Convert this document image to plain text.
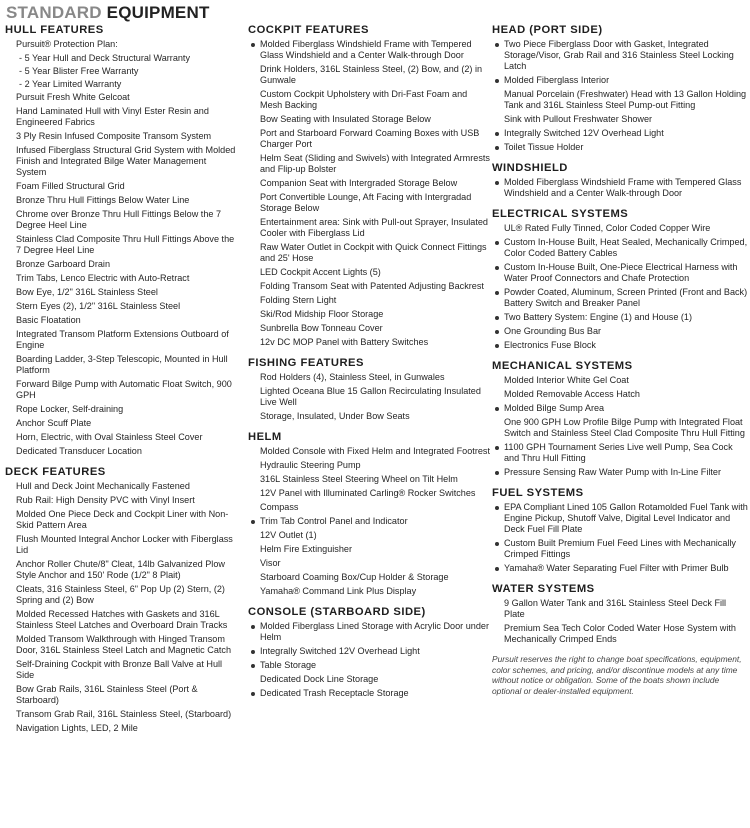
STANDARD EQUIPMENT
HULL FEATURES
Pursuit® Protection Plan:
- 5 Year Hull and Deck Structural Warranty
- 5 Year Blister Free Warranty
- 2 Year Limited Warranty
Pursuit Fresh White Gelcoat
Hand Laminated Hull with Vinyl Ester Resin and Engineered Fabrics
3 Ply Resin Infused Composite Transom System
Infused Fiberglass Structural Grid System with Molded Finish and Integrated Bilge Water Management System
Foam Filled Structural Grid
Bronze Thru Hull Fittings Below Water Line
Chrome over Bronze Thru Hull Fittings Below the 7 Degree Heel Line
Stainless Clad Composite Thru Hull Fittings Above the 7 Degree Heel Line
Bronze Garboard Drain
Trim Tabs, Lenco Electric with Auto-Retract
Bow Eye, 1/2" 316L Stainless Steel
Stern Eyes (2), 1/2" 316L Stainless Steel
Basic Floatation
Integrated Transom Platform Extensions Outboard of Engine
Boarding Ladder, 3-Step Telescopic, Mounted in Hull Platform
Forward Bilge Pump with Automatic Float Switch, 900 GPH
Rope Locker, Self-draining
Anchor Scuff Plate
Horn, Electric, with Oval Stainless Steel Cover
Dedicated Transducer Location
DECK FEATURES
Hull and Deck Joint Mechanically Fastened
Rub Rail: High Density PVC with Vinyl Insert
Molded One Piece Deck and Cockpit Liner with Non-Skid Pattern Area
Flush Mounted Integral Anchor Locker with Fiberglass Lid
Anchor Roller Chute/8" Cleat, 14lb Galvanized Plow Style Anchor and 150' Rode (1/2" 8 Plait)
Cleats, 316 Stainless Steel, 6" Pop Up (2) Stern, (2) Spring and (2) Bow
Molded Recessed Hatches with Gaskets and 316L Stainless Steel Latches and Overboard Drain Tracks
Molded Transom Walkthrough with Hinged Transom Door, 316L Stainless Steel Latch and Magnetic Catch
Self-Draining Cockpit with Bronze Ball Valve at Hull Side
Bow Grab Rails, 316L Stainless Steel (Port & Starboard)
Transom Grab Rail, 316L Stainless Steel, (Starboard)
Navigation Lights, LED, 2 Mile
COCKPIT FEATURES
Molded Fiberglass Windshield Frame with Tempered Glass Windshield and a Center Walk-through Door
Drink Holders, 316L Stainless Steel, (2) Bow, and (2) in Gunwale
Custom Cockpit Upholstery with Dri-Fast Foam and Mesh Backing
Bow Seating with Insulated Storage Below
Port and Starboard Forward Coaming Boxes with USB Charger Port
Helm Seat (Sliding and Swivels) with Integrated Armrests and Flip-up Bolster
Companion Seat with Intergraded Storage Below
Port Convertible Lounge, Aft Facing with Intergradad Storage Below
Entertainment area: Sink with Pull-out Sprayer, Insulated Cooler with Fiberglass Lid
Raw Water Outlet in Cockpit with Quick Connect Fittings and 25' Hose
LED Cockpit Accent Lights (5)
Folding Transom Seat with Patented Adjusting Backrest
Folding Stern Light
Ski/Rod Midship Floor Storage
Sunbrella Bow Tonneau Cover
12v DC MOP Panel with Battery Switches
FISHING FEATURES
Rod Holders (4), Stainless Steel, in Gunwales
Lighted Oceana Blue 15 Gallon Recirculating Insulated Live Well
Storage, Insulated, Under Bow Seats
HELM
Molded Console with Fixed Helm and Integrated Footrest
Hydraulic Steering Pump
316L Stainless Steel Steering Wheel on Tilt Helm
12V Panel with Illuminated Carling® Rocker Switches
Compass
Trim Tab Control Panel and Indicator
12V Outlet (1)
Helm Fire Extinguisher
Visor
Starboard Coaming Box/Cup Holder & Storage
Yamaha® Command Link Plus Display
CONSOLE (STARBOARD SIDE)
Molded Fiberglass Lined Storage with Acrylic Door under Helm
Integrally Switched 12V Overhead Light
Table Storage
Dedicated Dock Line Storage
Dedicated Trash Receptacle Storage
HEAD (PORT SIDE)
Two Piece Fiberglass Door with Gasket, Integrated Storage/Visor, Grab Rail and 316 Stainless Steel Locking Latch
Molded Fiberglass Interior
Manual Porcelain (Freshwater) Head with 13 Gallon Holding Tank and 316L Stainless Steel Pump-out Fitting
Sink with Pullout Freshwater Shower
Integrally Switched 12V Overhead Light
Toilet Tissue Holder
WINDSHIELD
Molded Fiberglass Windshield Frame with Tempered Glass Windshield and a Center Walk-through Door
ELECTRICAL SYSTEMS
UL® Rated Fully Tinned, Color Coded Copper Wire
Custom In-House Built, Heat Sealed, Mechanically Crimped, Color Coded Battery Cables
Custom In-House Built, One-Piece Electrical Harness with Water Proof Connectors and Chafe Protection
Powder Coated, Aluminum, Screen Printed (Front and Back) Battery Switch and Breaker Panel
Two Battery System: Engine (1) and House (1)
One Grounding Bus Bar
Electronics Fuse Block
MECHANICAL SYSTEMS
Molded Interior White Gel Coat
Molded Removable Access Hatch
Molded Bilge Sump Area
One 900 GPH Low Profile Bilge Pump with Integrated Float Switch and Stainless Steel Clad Composite Thru Hull Fitting
1100 GPH Tournament Series Live well Pump, Sea Cock and Thru Hull Fitting
Pressure Sensing Raw Water Pump with In-Line Filter
FUEL SYSTEMS
EPA Compliant Lined 105 Gallon Rotamolded Fuel Tank with Engine Pickup, Shutoff Valve, Digital Level Indicator and Deck Fuel Fill Plate
Custom Built Premium Fuel Feed Lines with Mechanically Crimped Fittings
Yamaha® Water Separating Fuel Filter with Primer Bulb
WATER SYSTEMS
9 Gallon Water Tank and 316L Stainless Steel Deck Fill Plate
Premium Sea Tech Color Coded Water Hose System with Mechanically Crimped Ends
Pursuit reserves the right to change boat specifications, equipment, color schemes, and pricing, and/or discontinue models at any time without notice or obligation. Some of the boats shown include optional or dealer-installed equipment.
